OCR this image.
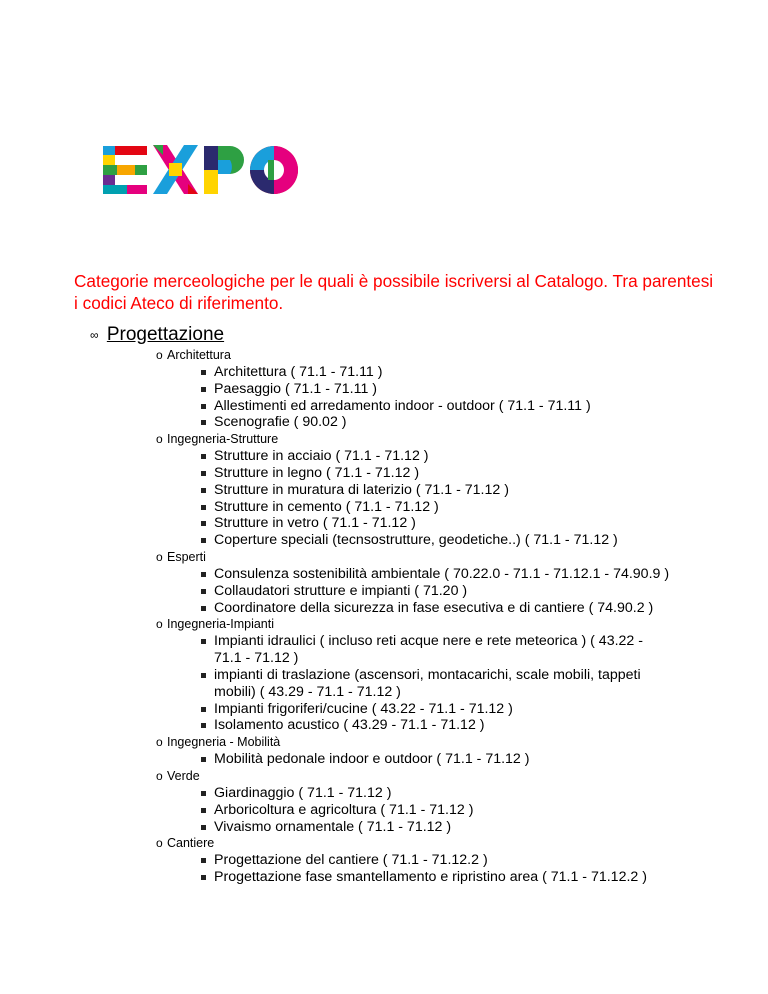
Categorie merceologiche per le quali è possibile iscriversi al Catalogo. Tra parentesi i codici Ateco di riferimento.
∞ Progettazione
o Architettura
Architettura ( 71.1 - 71.11 )
Paesaggio ( 71.1 - 71.11 )
Allestimenti ed arredamento indoor - outdoor ( 71.1 - 71.11 )
Scenografie ( 90.02 )
o Ingegneria-Strutture
Strutture in acciaio ( 71.1 - 71.12 )
Strutture in legno ( 71.1 - 71.12 )
Strutture in muratura di laterizio ( 71.1 - 71.12 )
Strutture in cemento ( 71.1 - 71.12 )
Strutture in vetro ( 71.1 - 71.12 )
Coperture speciali (tecnsostrutture, geodetiche..) ( 71.1 - 71.12 )
o Esperti
Consulenza sostenibilità ambientale ( 70.22.0 - 71.1 - 71.12.1 - 74.90.9 )
Collaudatori strutture e impianti ( 71.20 )
Coordinatore della sicurezza in fase esecutiva e di cantiere ( 74.90.2 )
o Ingegneria-Impianti
Impianti idraulici ( incluso reti acque nere e rete meteorica ) ( 43.22 - 71.1 - 71.12 )
impianti di traslazione (ascensori, montacarichi, scale mobili, tappeti mobili) ( 43.29 - 71.1 - 71.12 )
Impianti frigoriferi/cucine ( 43.22 - 71.1 - 71.12 )
Isolamento acustico ( 43.29 - 71.1 - 71.12 )
o Ingegneria - Mobilità
Mobilità pedonale indoor e outdoor ( 71.1 - 71.12 )
o Verde
Giardinaggio ( 71.1 - 71.12 )
Arboricoltura e agricoltura ( 71.1 - 71.12 )
Vivaismo ornamentale ( 71.1 - 71.12 )
o Cantiere
Progettazione del cantiere ( 71.1 - 71.12.2 )
Progettazione fase smantellamento e ripristino area ( 71.1 - 71.12.2 )
